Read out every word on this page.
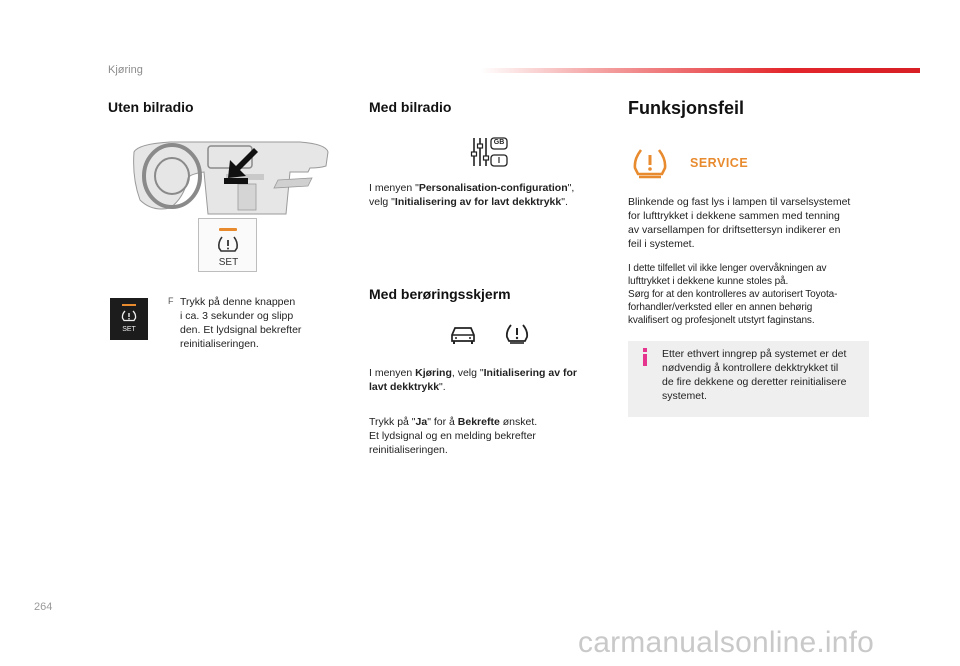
Kjøring
Uten bilradio
SET
SET
F Trykk på denne knappen
i ca. 3 sekunder og slipp
den. Et lydsignal bekrefter
reinitialiseringen.
Med bilradio
GB
I
I menyen "Personalisation-configuration",
velg "Initialisering av for lavt dekktrykk".
Med berøringsskjerm
I menyen Kjøring, velg "Initialisering av for
lavt dekktrykk".
Trykk på "Ja" for å Bekrefte ønsket.
Et lydsignal og en melding bekrefter
reinitialiseringen.
Funksjonsfeil
SERVICE
Blinkende og fast lys i lampen til varselsystemet
for lufttrykket i dekkene sammen med tenning
av varsellampen for driftsettersyn indikerer en
feil i systemet.
I dette tilfellet vil ikke lenger overvåkningen av
lufttrykket i dekkene kunne stoles på.
Sørg for at den kontrolleres av autorisert Toyota-
forhandler/verksted eller en annen behørig
kvalifisert og profesjonelt utstyrt faginstans.
Etter ethvert inngrep på systemet er det
nødvendig å kontrollere dekktrykket til
de fire dekkene og deretter reinitialisere
systemet.
264
carmanualsonline.info
